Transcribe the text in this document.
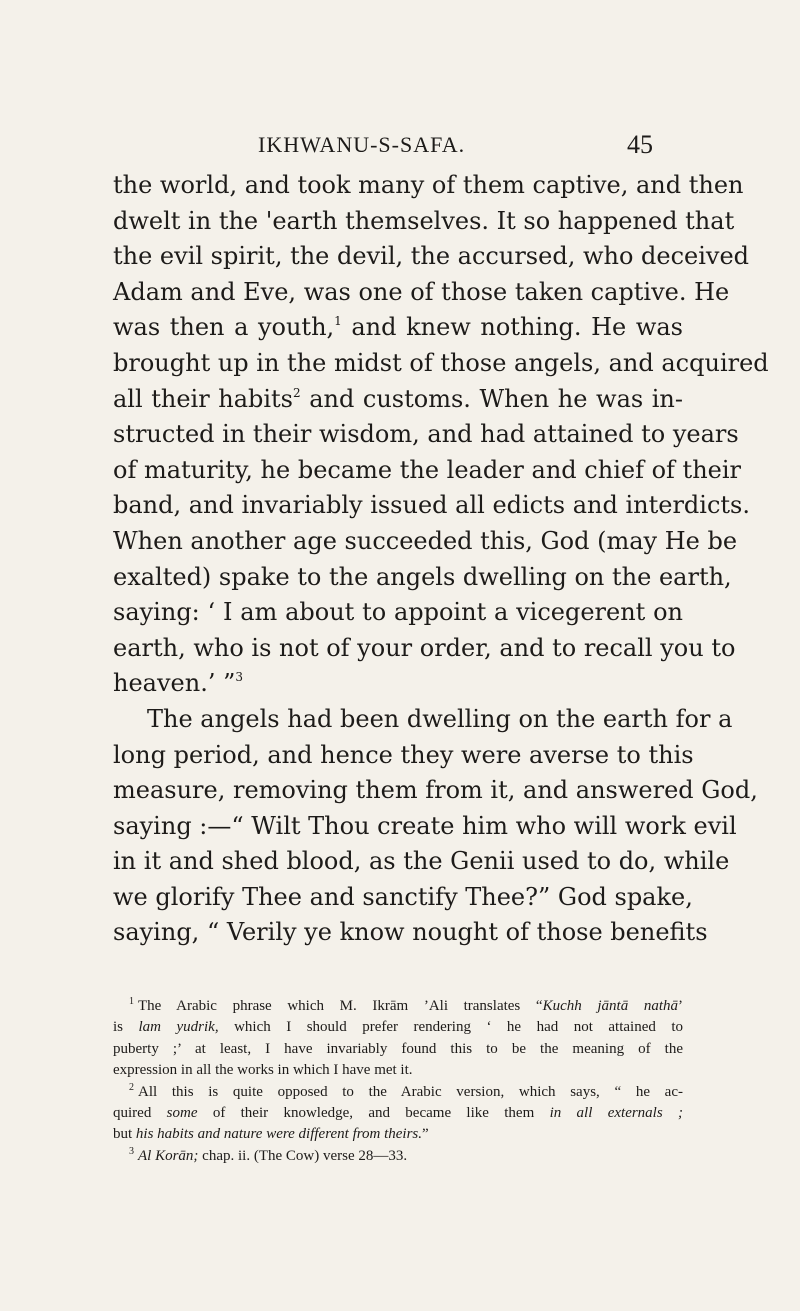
IKHWANU-S-SAFA.	45
the world, and took many of them captive, and then
dwelt in the 'earth themselves. It so happened that
the evil spirit, the devil, the accursed, who deceived
Adam and Eve, was one of those taken captive. He
was then a youth,$^1$ and knew nothing. He was
brought up in the midst of those angels, and acquired
all their habits$^2$ and customs. When he was in-
structed in their wisdom, and had attained to years
of maturity, he became the leader and chief of their
band, and invariably issued all edicts and interdicts.
When another age succeeded this, God (may He be
exalted) spake to the angels dwelling on the earth,
saying: ‘ I am about to appoint a vicegerent on
earth, who is not of your order, and to recall you to
heaven.’ ”$^3$
The angels had been dwelling on the earth for a
long period, and hence they were averse to this
measure, removing them from it, and answered God,
saying :—“ Wilt Thou create him who will work evil
in it and shed blood, as the Genii used to do, while
we glorify Thee and sanctify Thee?” God spake,
saying, “ Verily ye know nought of those benefits
$^1$ The Arabic phrase which M. Ikrām ’Ali translates “Kuchh jāntā nathā’
is lam yudrik, which I should prefer rendering ‘ he had not attained to
puberty ;’ at least, I have invariably found this to be the meaning of the
expression in all the works in which I have met it.
$^2$ All this is quite opposed to the Arabic version, which says, “ he ac-
quired some of their knowledge, and became like them in all externals ;
but his habits and nature were different from theirs.”
$^3$ Al Korān; chap. ii. (The Cow) verse 28—33.
